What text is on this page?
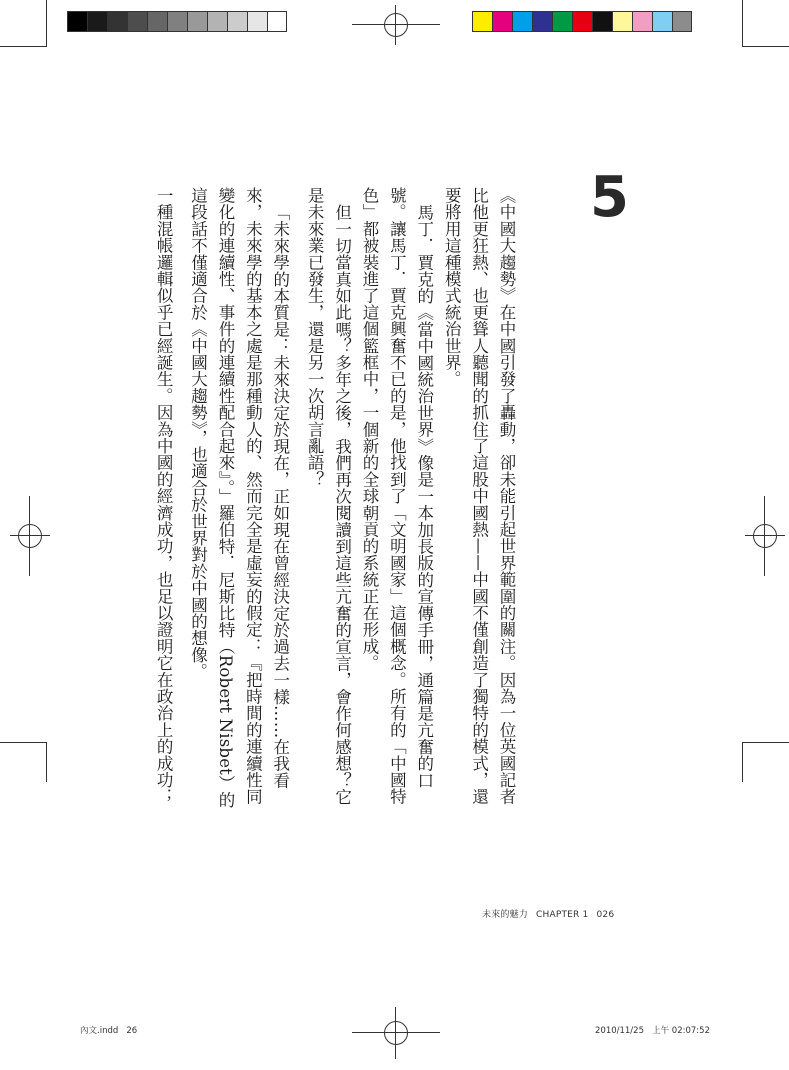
5

《中國大趨勢》在中國引發了轟動，卻未能引起世界範圍的關注。因為一位英國記者比他更狂熱、也更聳人聽聞的抓住了這股中國熱——中國不僅創造了獨特的模式，還要將用這種模式統治世界。

馬丁．賈克的《當中國統治世界》像是一本加長版的宣傳手冊，通篇是亢奮的口號。讓馬丁．賈克興奮不已的是，他找到了「文明國家」這個概念。所有的「中國特色」都被裝進了這個籃框中，一個新的全球朝貢的系統正在形成。

但一切當真如此嗎？多年之後，我們再次閱讀到這些亢奮的宣言，會作何感想？它是未來業已發生，還是另一次胡言亂語？

「未來學的本質是：未來決定於現在，正如現在曾經決定於過去一樣……在我看來，未來學的基本之處是那種動人的、然而完全是虛妄的假定：『把時間的連續性同變化的連續性、事件的連續性配合起來』。」羅伯特．尼斯比特（Robert Nisbet）的這段話不僅適合於《中國大趨勢》，也適合於世界對於中國的想像。

一種混帳邏輯似乎已經誕生。因為中國的經濟成功，也足以證明它在政治上的成功；

未來的魅力 CHAPTER 1 026
內文.indd   26	2010/11/25   上午 02:07:52
